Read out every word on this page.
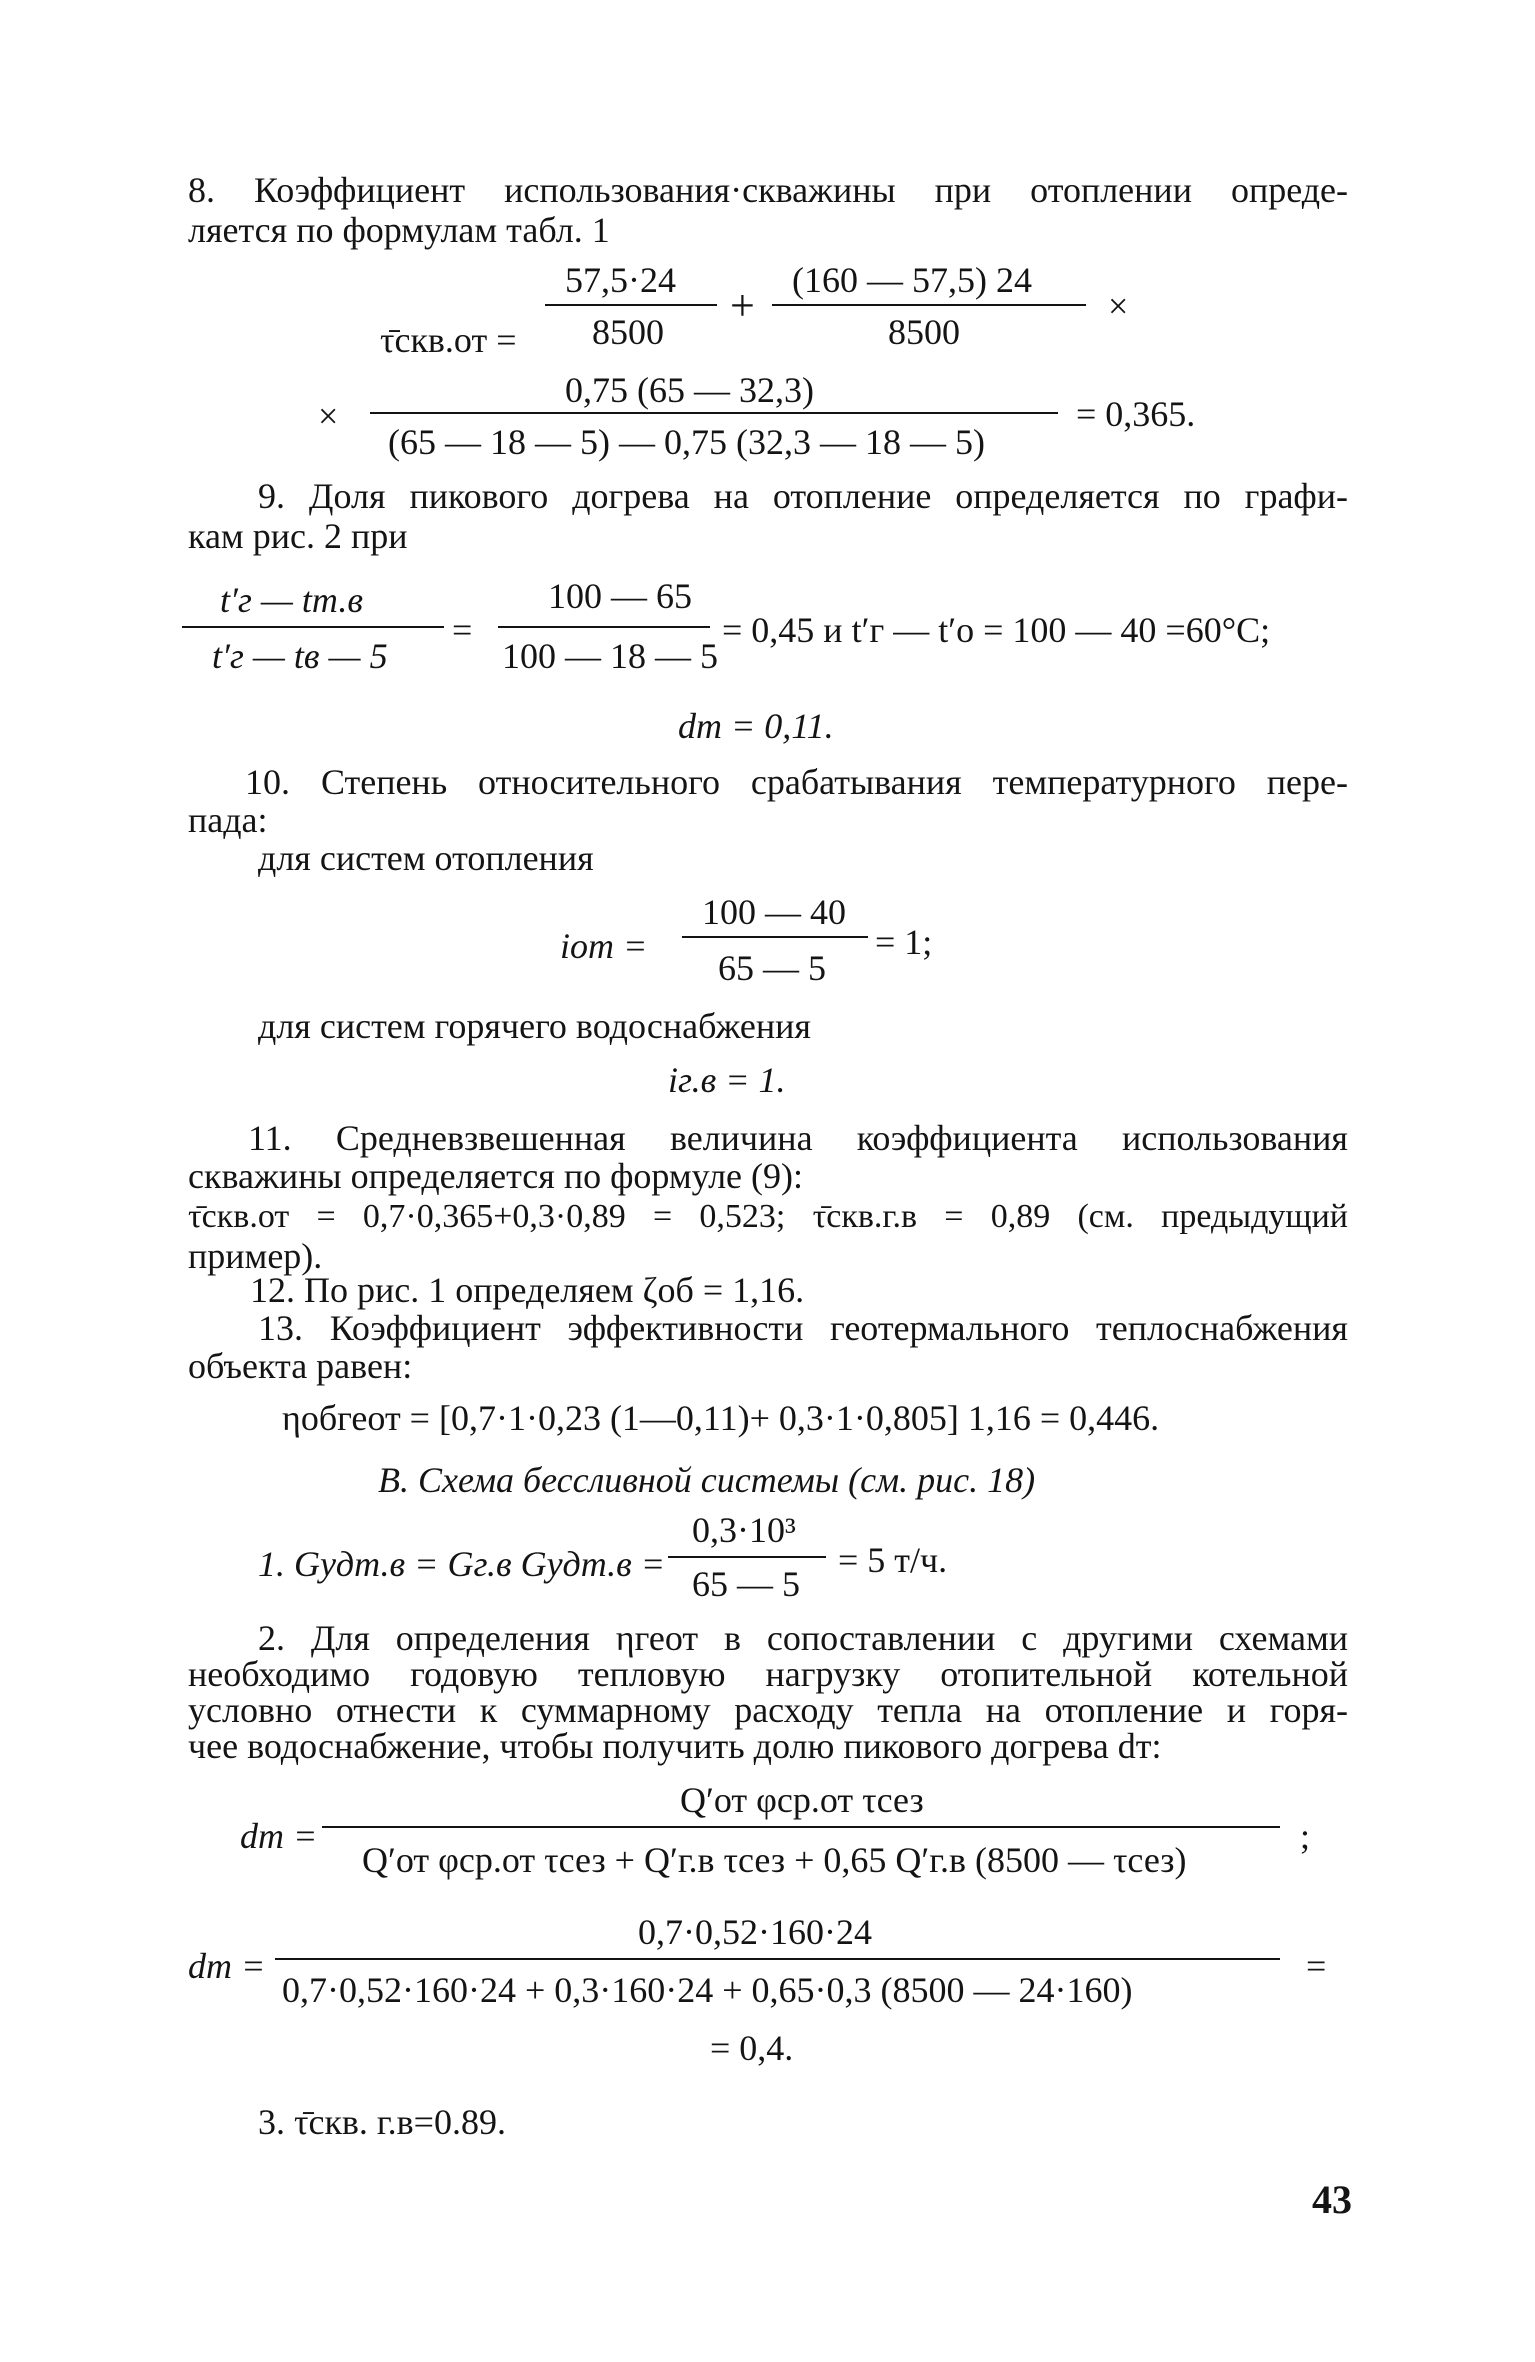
8. Коэффициент использования·скважины при отоплении опреде-
ляется по формулам табл. 1
τ̄скв.от =
57,5·24
8500
+
(160 — 57,5) 24
8500
×
×
0,75 (65 — 32,3)
(65 — 18 — 5) — 0,75 (32,3 — 18 — 5)
= 0,365.
9. Доля пикового догрева на отопление определяется по графи-
кам рис. 2 при
t′г — tт.в
t′г — tв — 5
=
100 — 65
100 — 18 — 5
= 0,45 и t′г — t′о = 100 — 40 =60°С;
dт = 0,11.
10. Степень относительного срабатывания температурного пере-
пада:
для систем отопления
iот =
100 — 40
65 — 5
= 1;
для систем горячего водоснабжения
iг.в = 1.
11. Средневзвешенная величина коэффициента использования
скважины определяется по формуле (9):
τ̄скв.от = 0,7·0,365+0,3·0,89 = 0,523; τ̄скв.г.в = 0,89 (см. предыдущий
пример).
12. По рис. 1 определяем ζоб = 1,16.
13. Коэффициент эффективности геотермального теплоснабжения
объекта равен:
ηобгеот = [0,7·1·0,23 (1—0,11)+ 0,3·1·0,805] 1,16 = 0,446.
В. Схема бессливной системы (см. рис. 18)
1. Gудт.в = Gг.в Gудт.в =
0,3·10³
65 — 5
= 5 т/ч.
2. Для определения ηгеот в сопоставлении с другими схемами
необходимо годовую тепловую нагрузку отопительной котельной
условно отнести к суммарному расходу тепла на отопление и горя-
чее водоснабжение, чтобы получить долю пикового догрева dт:
dт =
Q′от φср.от τсез
Q′от φср.от τсез + Q′г.в τсез + 0,65 Q′г.в (8500 — τсез)
;
dт =
0,7·0,52·160·24
0,7·0,52·160·24 + 0,3·160·24 + 0,65·0,3 (8500 — 24·160)
=
= 0,4.
3. τ̄скв. г.в=0.89.
43
